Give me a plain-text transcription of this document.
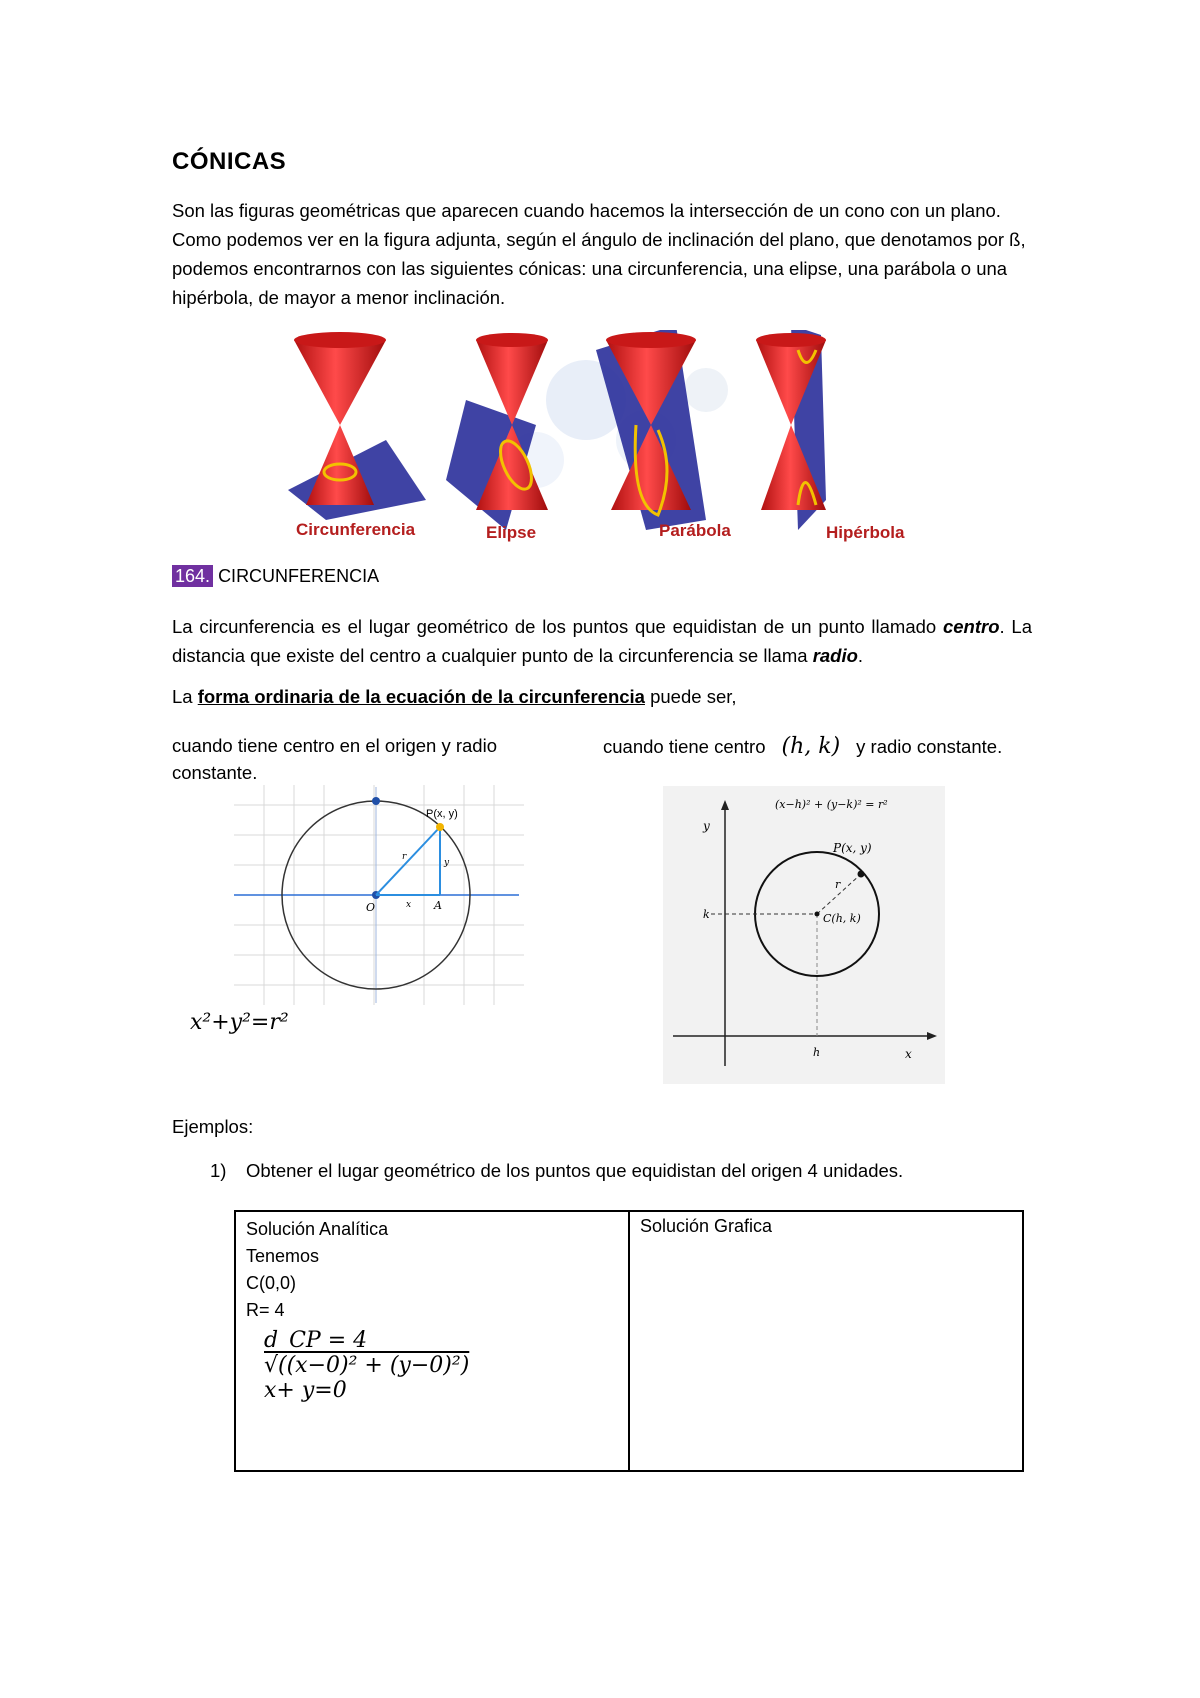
CÓNICAS
Son las figuras geométricas que aparecen cuando hacemos la intersección de un cono con un plano. Como podemos ver en la figura adjunta, según el ángulo de inclinación del plano, que denotamos por ß, podemos encontrarnos con las siguientes cónicas: una circunferencia, una elipse, una parábola o una hipérbola, de mayor a menor inclinación.
Circunferencia	Elipse	Parábola	Hipérbola
164. CIRCUNFERENCIA
La circunferencia es el lugar geométrico de los puntos que equidistan de un punto llamado centro. La distancia que existe del centro a cualquier punto de la circunferencia se llama radio.
La forma ordinaria de la ecuación de la circunferencia puede ser,
cuando tiene centro en el origen y radio constante.
cuando tiene centro (h, k) y radio constante.
P(x, y)
O	A
x
y
r
x²+y²=r²
(x−h)² + (y−k)² = r²
P(x, y)
C(h, k)
r
k
h	x
y
Ejemplos:
1) Obtener el lugar geométrico de los puntos que equidistan del origen 4 unidades.
Solución Analítica
Tenemos
C(0,0)
R= 4
d_CP = 4
√((x−0)² + (y−0)²)
x+ y=0

Solución Grafica
